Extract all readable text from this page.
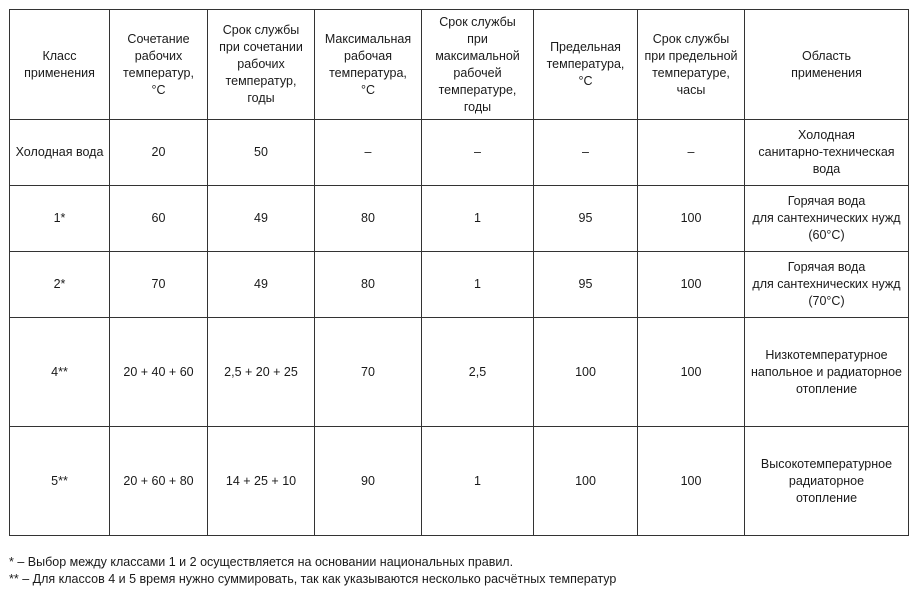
Класс
применения	Сочетание
рабочих
температур,
°С	Срок службы
при сочетании
рабочих
температур,
годы	Максимальная
рабочая
температура,
°С	Срок службы
при максимальной
рабочей
температуре,
годы	Предельная
температура,
°С	Срок службы
при предельной
температуре,
часы	Область
применения
Холодная вода	20	50	–	–	–	–	Холодная
санитарно-техническая вода
1*	60	49	80	1	95	100	Горячая вода
для сантехнических нужд
(60°С)
2*	70	49	80	1	95	100	Горячая вода
для сантехнических нужд
(70°С)
4**	20 + 40 + 60	2,5 + 20 + 25	70	2,5	100	100	Низкотемпературное
напольное и радиаторное
отопление
5**	20 + 60 + 80	14 + 25 + 10	90	1	100	100	Высокотемпературное
радиаторное
отопление
* – Выбор между классами 1 и 2 осуществляется на основании национальных правил.
** – Для классов 4 и 5 время нужно суммировать, так как указываются несколько расчётных температур
